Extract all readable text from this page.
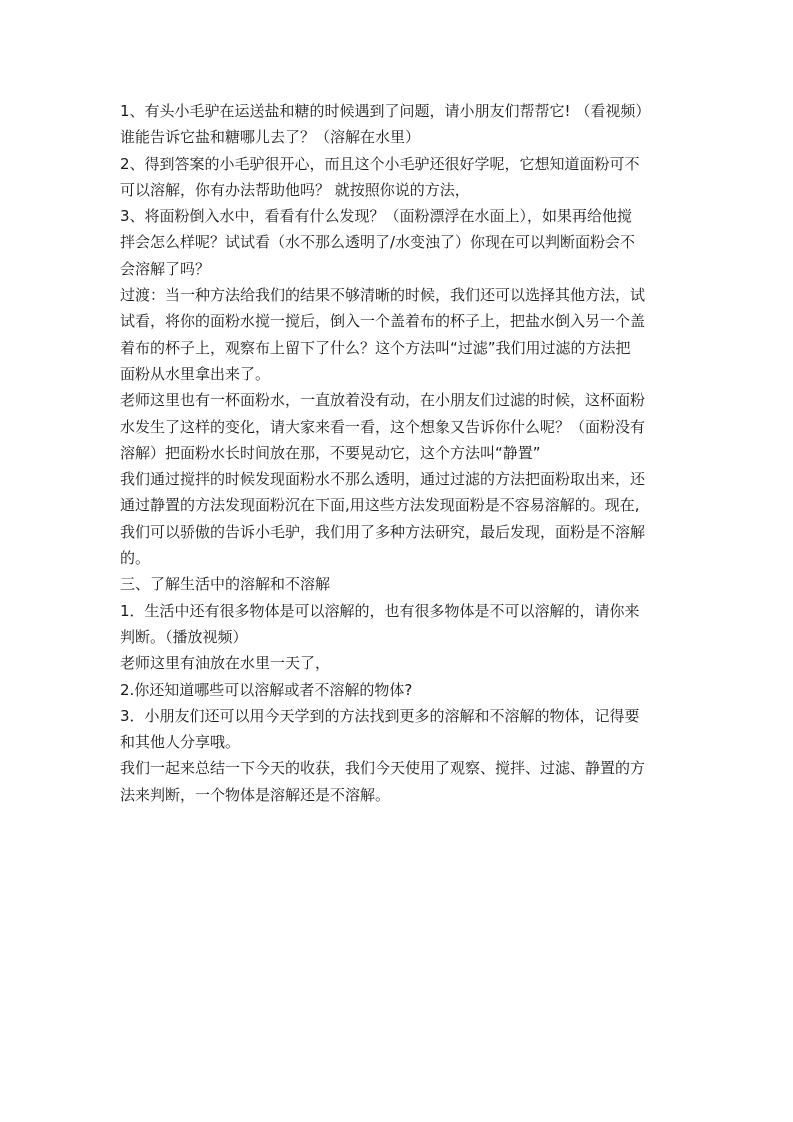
1、有头小毛驴在运送盐和糖的时候遇到了问题，请小朋友们帮帮它! （看视频）
谁能告诉它盐和糖哪儿去了？（溶解在水里）
2、得到答案的小毛驴很开心，而且这个小毛驴还很好学呢，它想知道面粉可不
可以溶解，你有办法帮助他吗？ 就按照你说的方法，
3、将面粉倒入水中，看看有什么发现？（面粉漂浮在水面上），如果再给他搅
拌会怎么样呢？试试看（水不那么透明了/水变浊了）你现在可以判断面粉会不
会溶解了吗？
过渡：当一种方法给我们的结果不够清晰的时候，我们还可以选择其他方法，试
试看，将你的面粉水搅一搅后，倒入一个盖着布的杯子上，把盐水倒入另一个盖
着布的杯子上，观察布上留下了什么？这个方法叫“过滤”我们用过滤的方法把
面粉从水里拿出来了。
老师这里也有一杯面粉水，一直放着没有动，在小朋友们过滤的时候，这杯面粉
水发生了这样的变化，请大家来看一看，这个想象又告诉你什么呢？（面粉没有
溶解）把面粉水长时间放在那，不要晃动它，这个方法叫“静置”
我们通过搅拌的时候发现面粉水不那么透明，通过过滤的方法把面粉取出来，还
通过静置的方法发现面粉沉在下面,用这些方法发现面粉是不容易溶解的。现在,
我们可以骄傲的告诉小毛驴，我们用了多种方法研究，最后发现，面粉是不溶解
的。
三、了解生活中的溶解和不溶解
1．生活中还有很多物体是可以溶解的，也有很多物体是不可以溶解的，请你来
判断。（播放视频）
老师这里有油放在水里一天了，
2.你还知道哪些可以溶解或者不溶解的物体?
3．小朋友们还可以用今天学到的方法找到更多的溶解和不溶解的物体，记得要
和其他人分享哦。
我们一起来总结一下今天的收获，我们今天使用了观察、搅拌、过滤、静置的方
法来判断，一个物体是溶解还是不溶解。
